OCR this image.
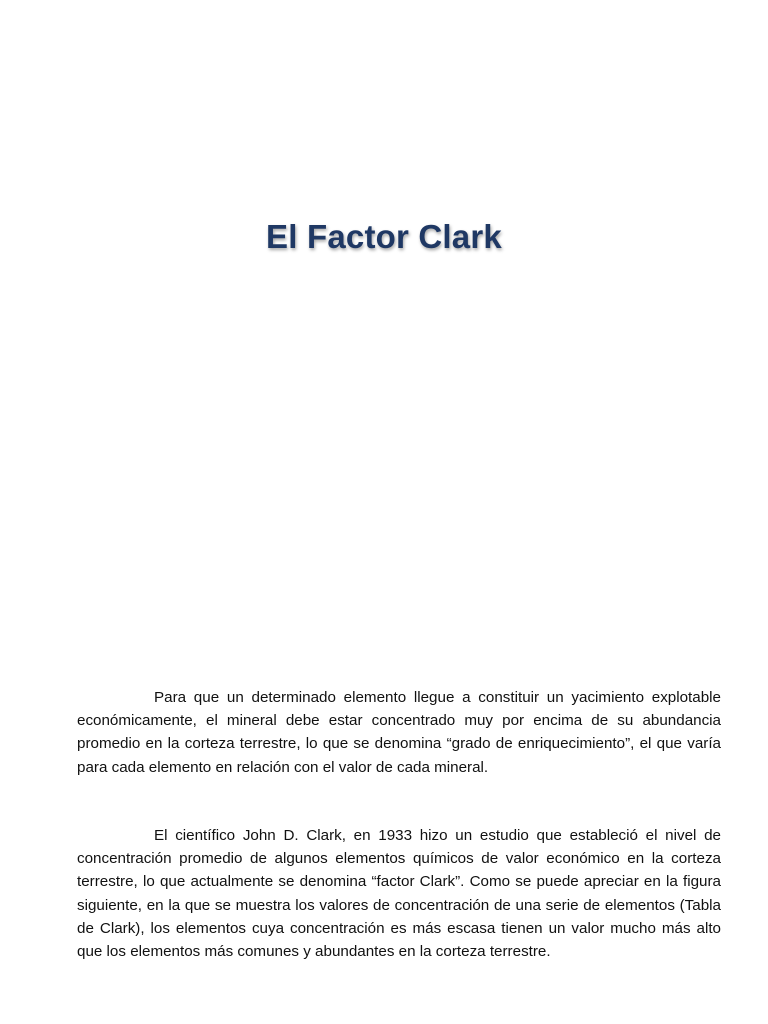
El Factor Clark

Para que un determinado elemento llegue a constituir un yacimiento explotable económicamente, el mineral debe estar concentrado muy por encima de su abundancia promedio en la corteza terrestre, lo que se denomina “grado de enriquecimiento”, el que varía para cada elemento en relación con el valor de cada mineral.

El científico John D. Clark, en 1933 hizo un estudio que estableció el nivel de concentración promedio de algunos elementos químicos de valor económico en la corteza terrestre, lo que actualmente se denomina “factor Clark”. Como se puede apreciar en la figura siguiente, en la que se muestra los valores de concentración de una serie de elementos (Tabla de Clark), los elementos cuya concentración es más escasa tienen un valor mucho más alto que los elementos más comunes y abundantes en la corteza terrestre.
